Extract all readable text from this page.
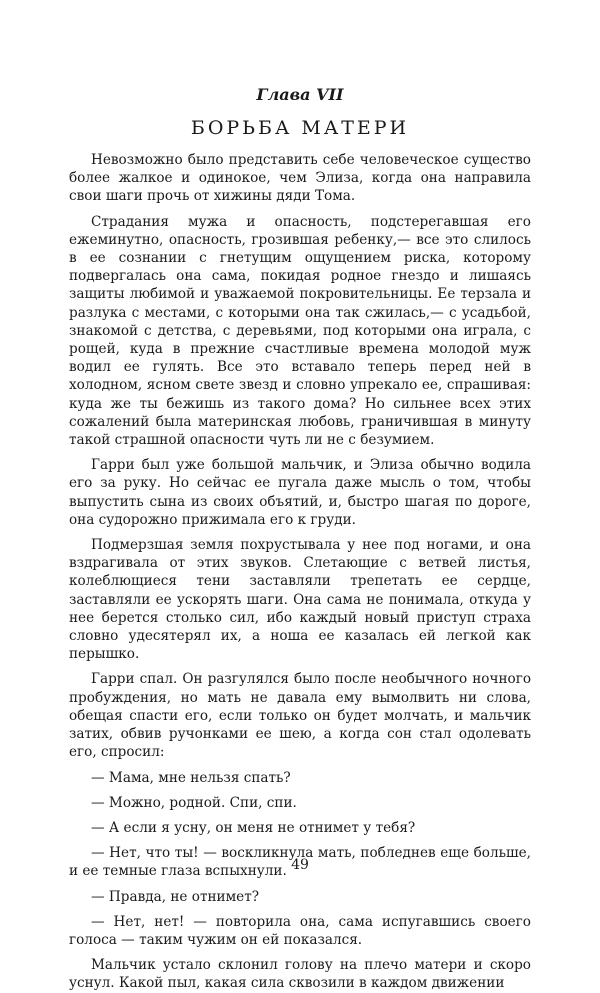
Глава VII
БОРЬБА МАТЕРИ

Невозможно было представить себе человеческое существо более жалкое и одинокое, чем Элиза, когда она направила свои шаги прочь от хижины дяди Тома.

Страдания мужа и опасность, подстерегавшая его ежеминутно, опасность, грозившая ребенку,— все это слилось в ее сознании с гнетущим ощущением риска, которому подвергалась она сама, покидая родное гнездо и лишаясь защиты любимой и уважаемой покровительницы. Ее терзала и разлука с местами, с которыми она так сжилась,— с усадьбой, знакомой с детства, с деревьями, под которыми она играла, с рощей, куда в прежние счастливые времена молодой муж водил ее гулять. Все это вставало теперь перед ней в холодном, ясном свете звезд и словно упрекало ее, спрашивая: куда же ты бежишь из такого дома? Но сильнее всех этих сожалений была материнская любовь, граничившая в минуту такой страшной опасности чуть ли не с безумием.

Гарри был уже большой мальчик, и Элиза обычно водила его за руку. Но сейчас ее пугала даже мысль о том, чтобы выпустить сына из своих объятий, и, быстро шагая по дороге, она судорожно прижимала его к груди.

Подмерзшая земля похрустывала у нее под ногами, и она вздрагивала от этих звуков. Слетающие с ветвей листья, колеблющиеся тени заставляли трепетать ее сердце, заставляли ее ускорять шаги. Она сама не понимала, откуда у нее берется столько сил, ибо каждый новый приступ страха словно удесятерял их, а ноша ее казалась ей легкой как перышко.

Гарри спал. Он разгулялся было после необычного ночного пробуждения, но мать не давала ему вымолвить ни слова, обещая спасти его, если только он будет молчать, и мальчик затих, обвив ручонками ее шею, а когда сон стал одолевать его, спросил:

— Мама, мне нельзя спать?

— Можно, родной. Спи, спи.

— А если я усну, он меня не отнимет у тебя?

— Нет, что ты! — воскликнула мать, побледнев еще больше, и ее темные глаза вспыхнули.

— Правда, не отнимет?

— Нет, нет! — повторила она, сама испугавшись своего голоса — таким чужим он ей показался.

Мальчик устало склонил голову на плечо матери и скоро уснул. Какой пыл, какая сила сквозили в каждом движении

49
